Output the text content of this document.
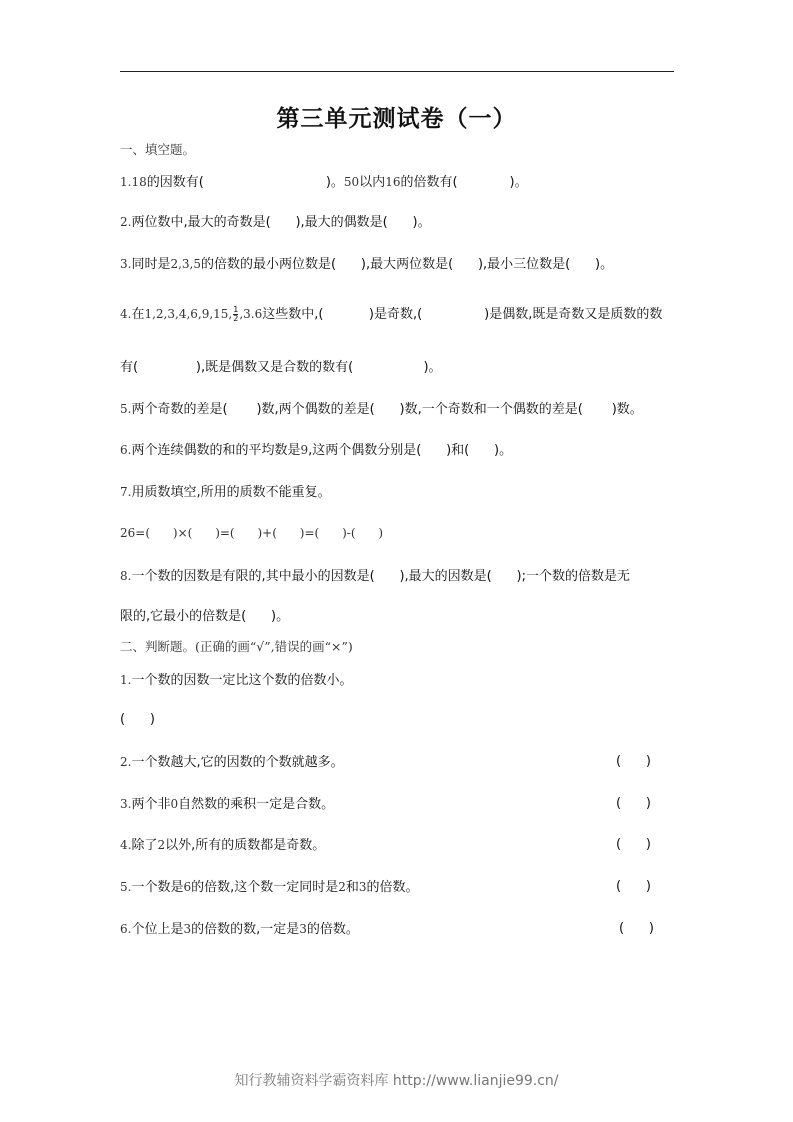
第三单元测试卷（一）
一、填空题。
1.18的因数有(	)。50以内16的倍数有(	)。
2.两位数中,最大的奇数是(      ),最大的偶数是(      )。
3.同时是2,3,5的倍数的最小两位数是(      ),最大两位数是(      ),最小三位数是(      )。
4.在1,2,3,4,6,9,15, $\frac{1}{2} ,3.6$这些数中,(           )是奇数,(               )是偶数,既是奇数又是质数的数
有(              ),既是偶数又是合数的数有(                 )。
5.两个奇数的差是(       )数,两个偶数的差是(      )数,一个奇数和一个偶数的差是(       )数。
6.两个连续偶数的和的平均数是9,这两个偶数分别是(      )和(      )。
7.用质数填空,所用的质数不能重复。
26=(      )×(      )=(      )+(      )=(      )-(      )
8.一个数的因数是有限的,其中最小的因数是(      ),最大的因数是(      );一个数的倍数是无
限的,它最小的倍数是(      )。
二、判断题。(正确的画“√”,错误的画“×”)
1.一个数的因数一定比这个数的倍数小。
(      )
2.一个数越大,它的因数的个数就越多。	(      )
3.两个非0自然数的乘积一定是合数。	(      )
4.除了2以外,所有的质数都是奇数。	(      )
5.一个数是6的倍数,这个数一定同时是2和3的倍数。	(      )
6.个位上是3的倍数的数,一定是3的倍数。	(      )
知行教辅资料学霸资料库 http://www.lianjie99.cn/
